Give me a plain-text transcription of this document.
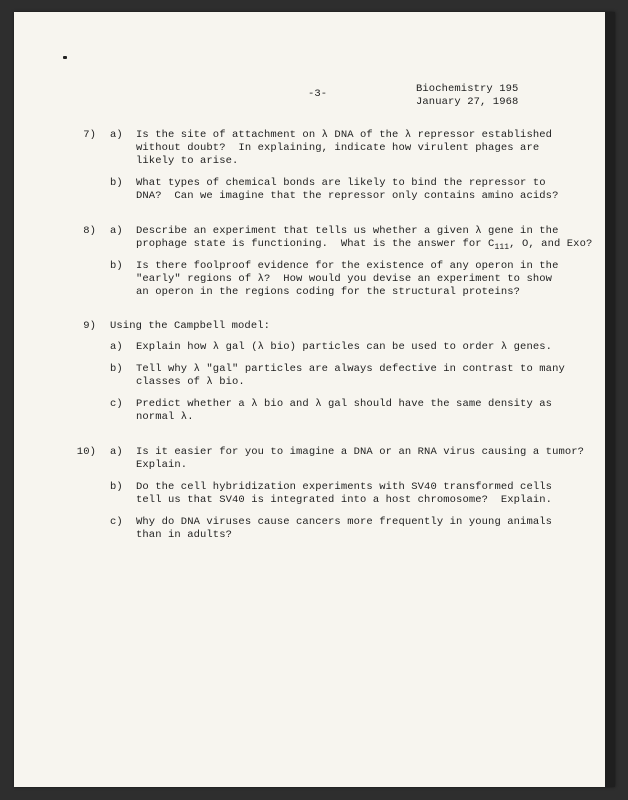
-3-	Biochemistry 195
January 27, 1968
7) a) Is the site of attachment on λ DNA of the λ repressor established
without doubt?  In explaining, indicate how virulent phages are
likely to arise.
b) What types of chemical bonds are likely to bind the repressor to
DNA?  Can we imagine that the repressor only contains amino acids?
8) a) Describe an experiment that tells us whether a given λ gene in the
prophage state is functioning.  What is the answer for $C_{111}$, O, and Exo?
b) Is there foolproof evidence for the existence of any operon in the
"early" regions of λ?  How would you devise an experiment to show
an operon in the regions coding for the structural proteins?
9) Using the Campbell model:
a) Explain how λ gal (λ bio) particles can be used to order λ genes.
b) Tell why λ "gal" particles are always defective in contrast to many
classes of λ bio.
c) Predict whether a λ bio and λ gal should have the same density as
normal λ.
10) a) Is it easier for you to imagine a DNA or an RNA virus causing a tumor?
Explain.
b) Do the cell hybridization experiments with SV40 transformed cells
tell us that SV40 is integrated into a host chromosome?  Explain.
c) Why do DNA viruses cause cancers more frequently in young animals
than in adults?
